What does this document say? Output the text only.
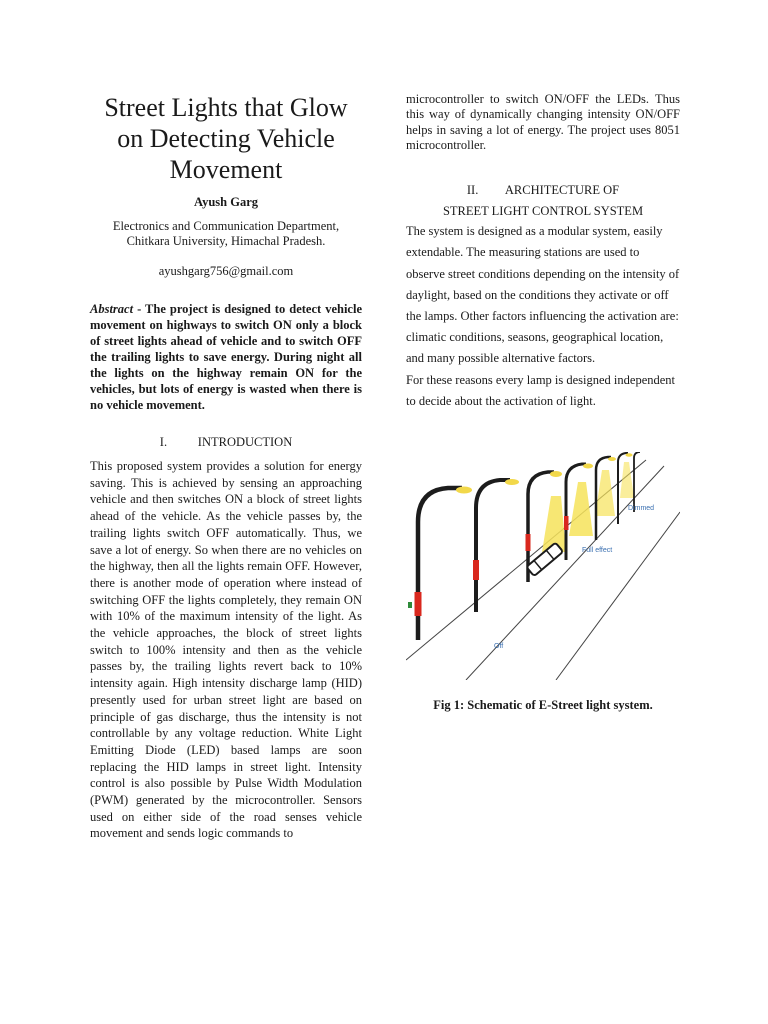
Street Lights that Glow on Detecting Vehicle Movement
Ayush Garg
Electronics and Communication Department,
Chitkara University, Himachal Pradesh.
ayushgarg756@gmail.com
Abstract - The project is designed to detect vehicle movement on highways to switch ON only a block of street lights ahead of vehicle and to switch OFF the trailing lights to save energy. During night all the lights on the highway remain ON for the vehicles, but lots of energy is wasted when there is no vehicle movement.
I. INTRODUCTION

This proposed system provides a solution for energy saving. This is achieved by sensing an approaching vehicle and then switches ON a block of street lights ahead of the vehicle. As the vehicle passes by, the trailing lights switch OFF automatically. Thus, we save a lot of energy. So when there are no vehicles on the highway, then all the lights remain OFF. However, there is another mode of operation where instead of switching OFF the lights completely, they remain ON with 10% of the maximum intensity of the light. As the vehicle approaches, the block of street lights switch to 100% intensity and then as the vehicle passes by, the trailing lights revert back to 10% intensity again. High intensity discharge lamp (HID) presently used for urban street light are based on principle of gas discharge, thus the intensity is not controllable by any voltage reduction. White Light Emitting Diode (LED) based lamps are soon replacing the HID lamps in street light. Intensity control is also possible by Pulse Width Modulation (PWM) generated by the microcontroller. Sensors used on either side of the road senses vehicle movement and sends logic commands to

microcontroller to switch ON/OFF the LEDs. Thus this way of dynamically changing intensity ON/OFF helps in saving a lot of energy. The project uses 8051 microcontroller.

II. ARCHITECTURE OF
STREET LIGHT CONTROL SYSTEM

The system is designed as a modular system, easily extendable. The measuring stations are used to observe street conditions depending on the intensity of daylight, based on the conditions they activate or off the lamps. Other factors influencing the activation are: climatic conditions, seasons, geographical location, and many possible alternative factors.

For these reasons every lamp is designed independent to decide about the activation of light.

Dimmed
Full effect
Off
Fig 1: Schematic of E-Street light system.
